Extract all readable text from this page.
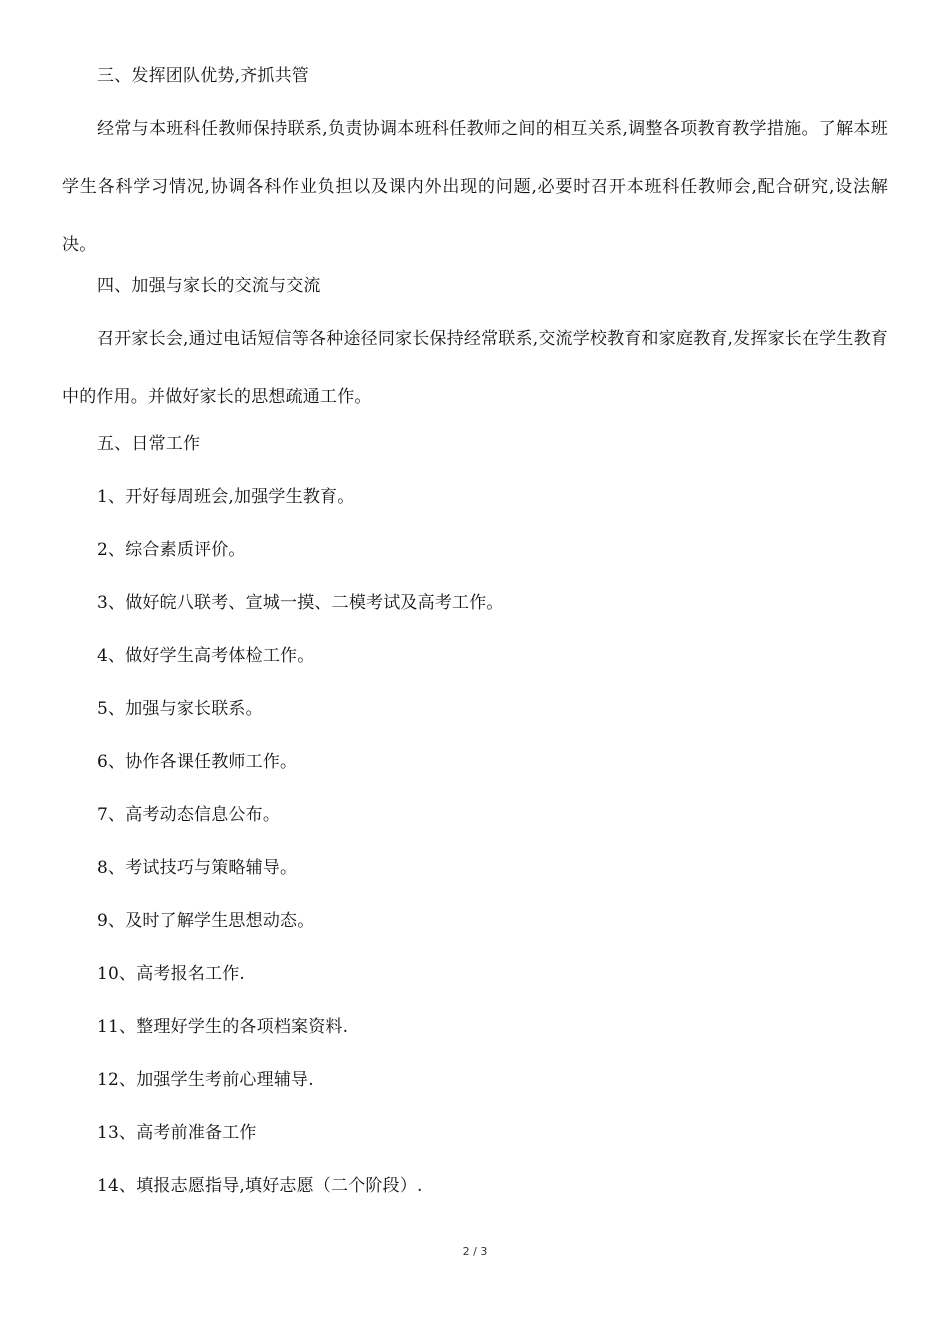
三、发挥团队优势,齐抓共管
经常与本班科任教师保持联系,负责协调本班科任教师之间的相互关系,调整各项教育教学措施。了解本班学生各科学习情况,协调各科作业负担以及课内外出现的问题,必要时召开本班科任教师会,配合研究,设法解决。
四、加强与家长的交流与交流
召开家长会,通过电话短信等各种途径同家长保持经常联系,交流学校教育和家庭教育,发挥家长在学生教育中的作用。并做好家长的思想疏通工作。
五、日常工作
1、开好每周班会,加强学生教育。
2、综合素质评价。
3、做好皖八联考、宣城一摸、二模考试及高考工作。
4、做好学生高考体检工作。
5、加强与家长联系。
6、协作各课任教师工作。
7、高考动态信息公布。
8、考试技巧与策略辅导。
9、及时了解学生思想动态。
10、高考报名工作.
11、整理好学生的各项档案资料.
12、加强学生考前心理辅导.
13、高考前准备工作
14、填报志愿指导,填好志愿（二个阶段）.
2 / 3
